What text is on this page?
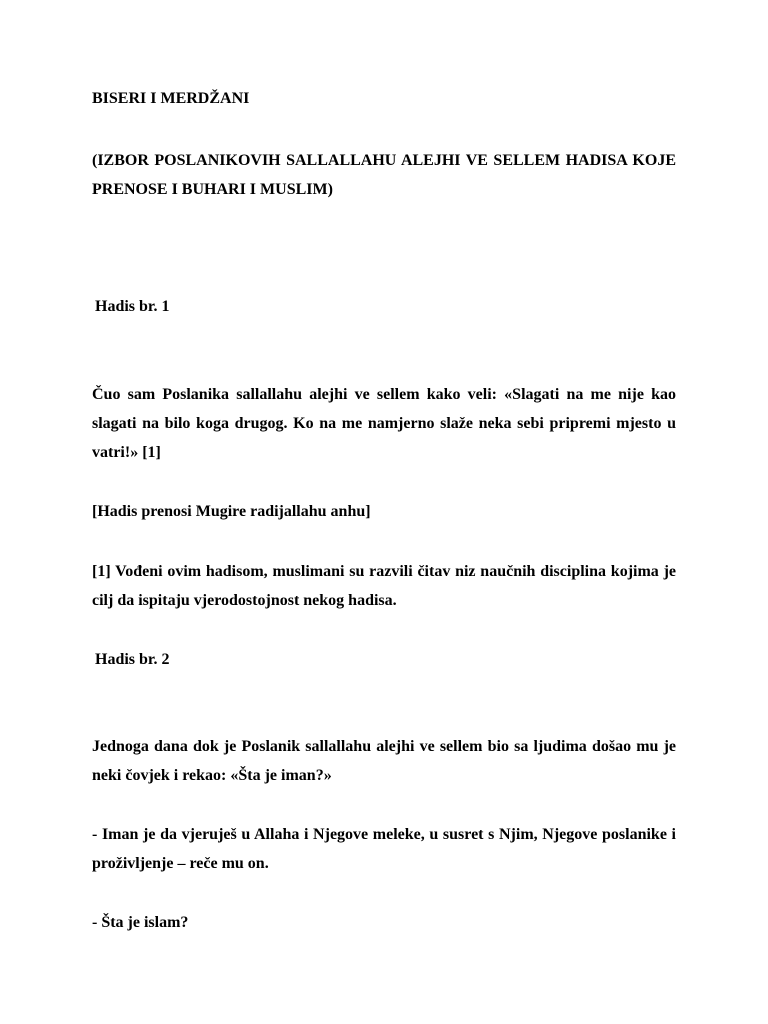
BISERI I MERDŽANI

(IZBOR POSLANIKOVIH SALLALLAHU ALEJHI VE SELLEM HADISA KOJE PRENOSE I BUHARI I MUSLIM)

Hadis br. 1

Čuo sam Poslanika sallallahu alejhi ve sellem kako veli: «Slagati na me nije kao slagati na bilo koga drugog. Ko na me namjerno slaže neka sebi pripremi mjesto u vatri!» [1]

[Hadis prenosi Mugire radijallahu anhu]

[1] Vođeni ovim hadisom, muslimani su razvili čitav niz naučnih disciplina kojima je cilj da ispitaju vjerodostojnost nekog hadisa.

Hadis br. 2

Jednoga dana dok je Poslanik sallallahu alejhi ve sellem bio sa ljudima došao mu je neki čovjek i rekao: «Šta je iman?»

- Iman je da vjeruješ u Allaha i Njegove meleke, u susret s Njim, Njegove poslanike i proživljenje – reče mu on.

- Šta je islam?
